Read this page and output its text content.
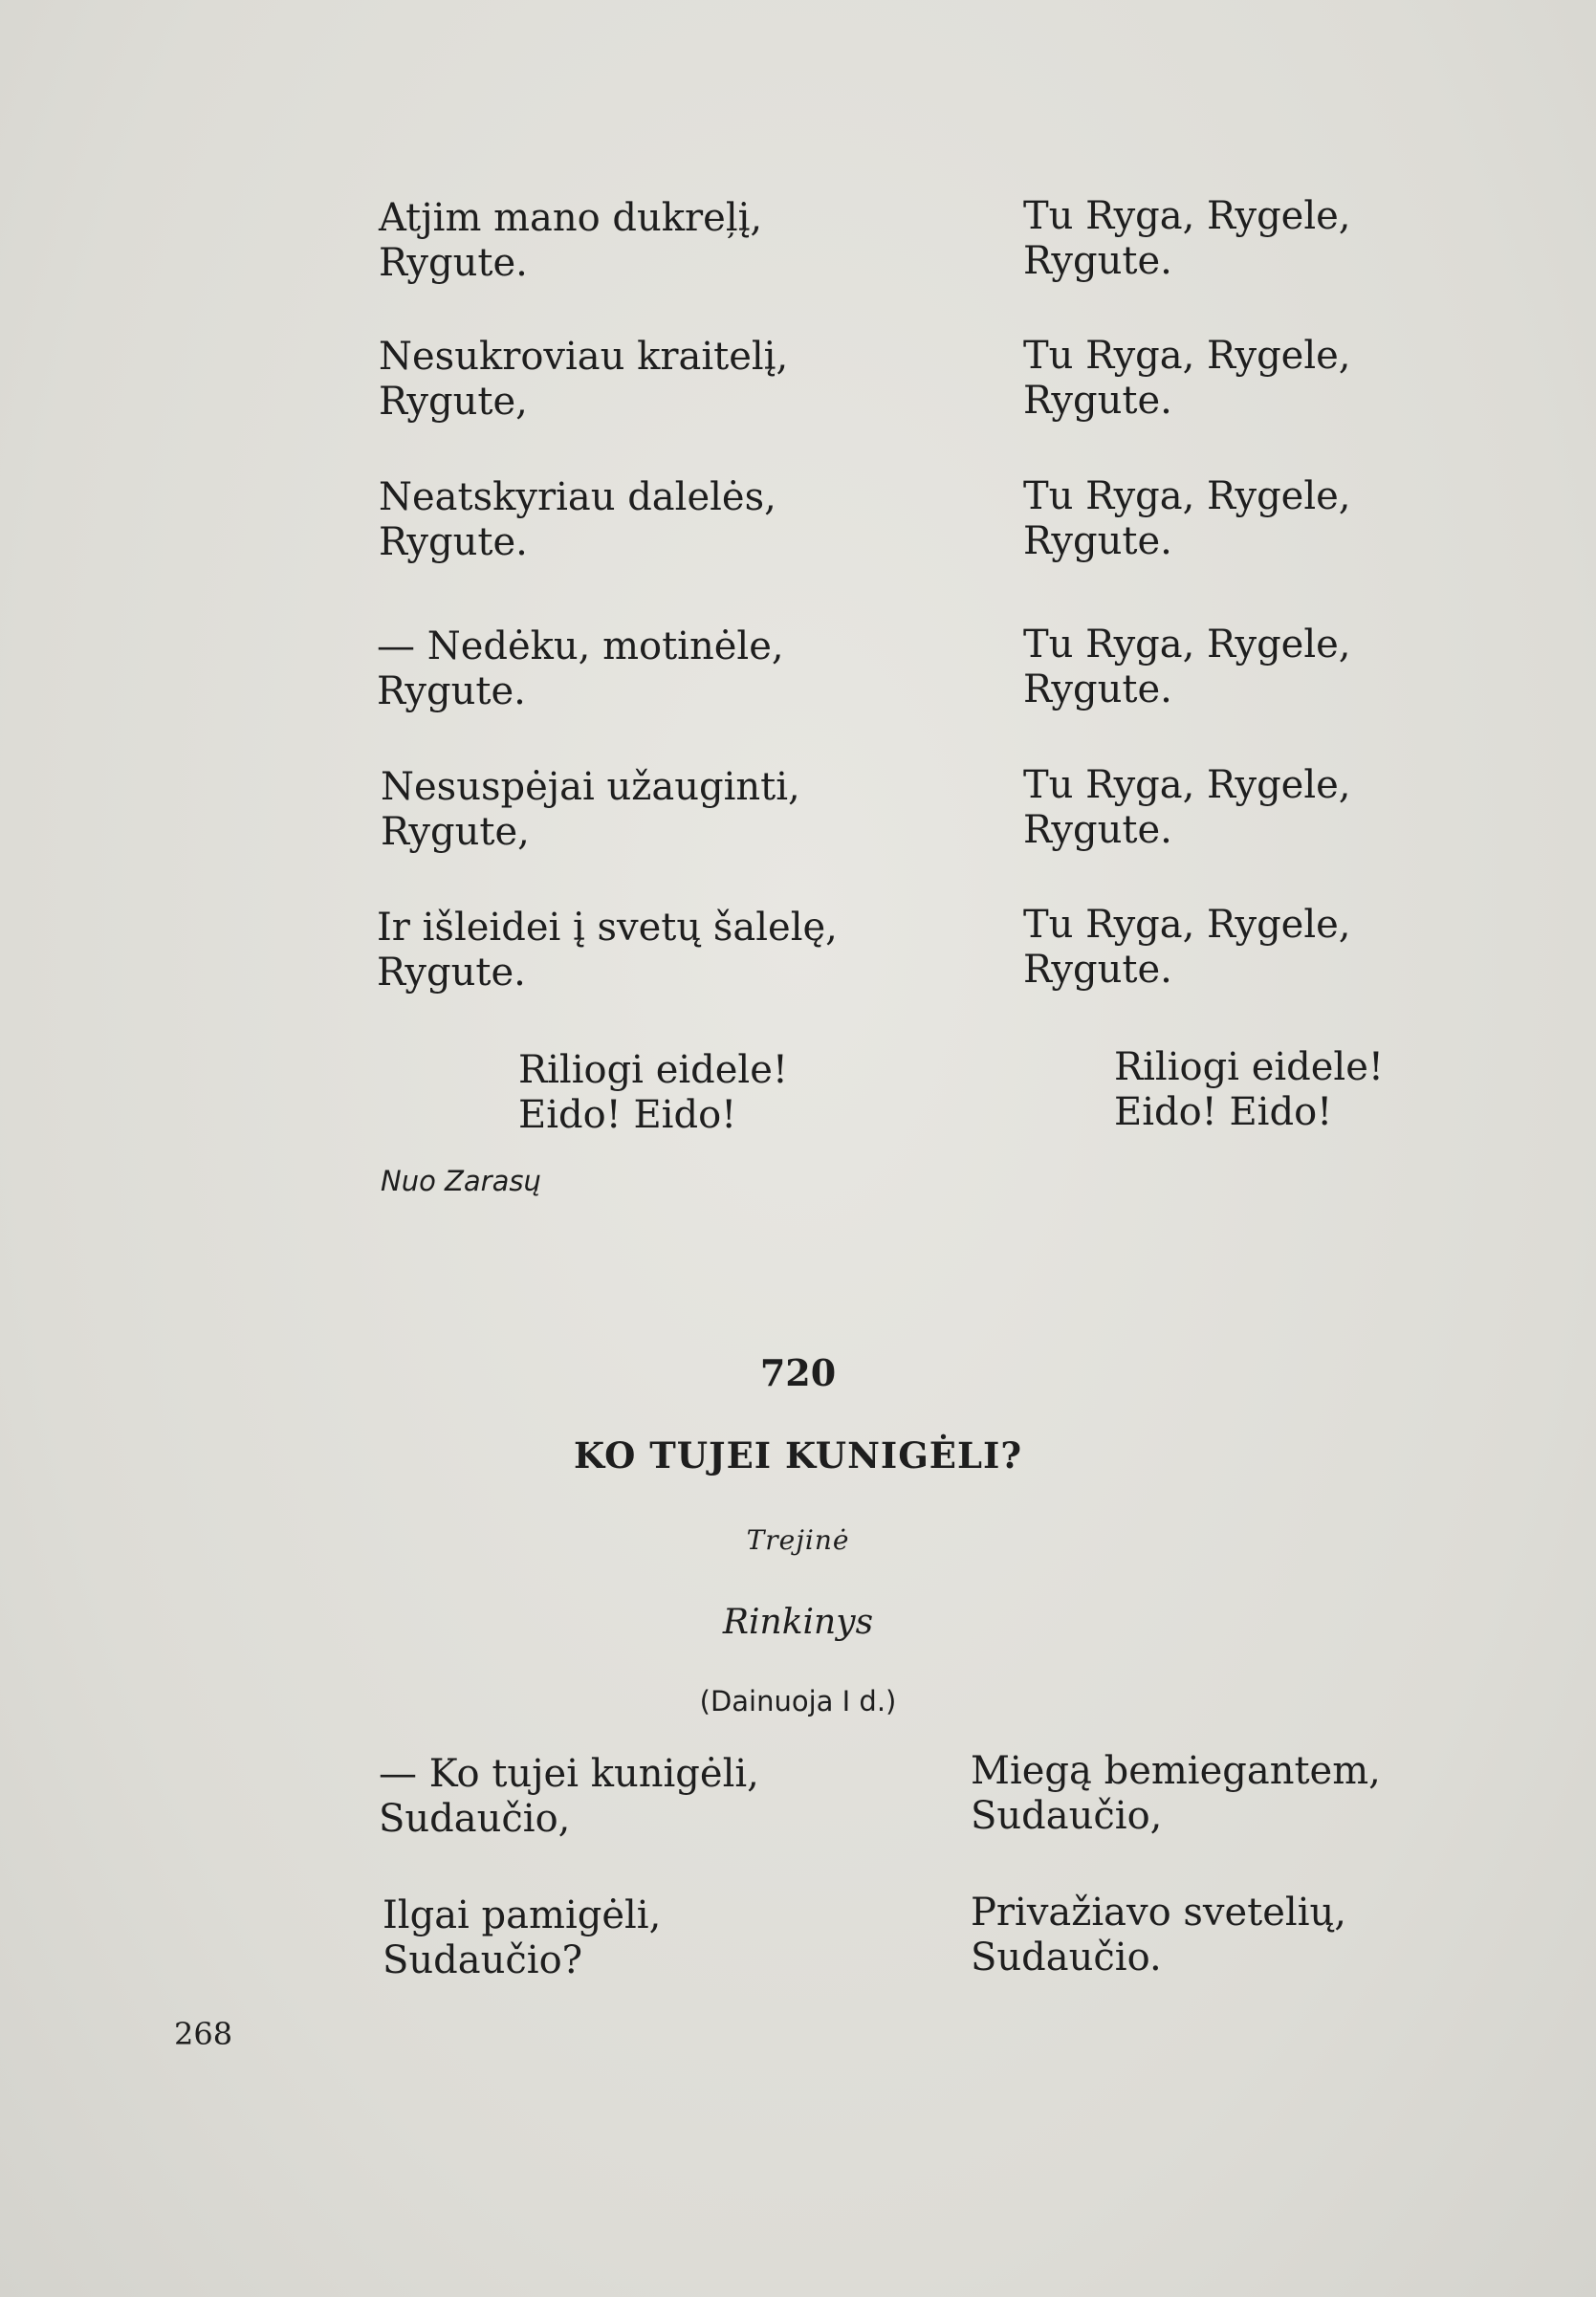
Atjim mano dukreļį,
Rygute.
Nesukroviau kraitelį,
Rygute,
Neatskyriau dalelės,
Rygute.
— Nedėku, motinėle,
Rygute.
Nesuspėjai užauginti,
Rygute,
Ir išleidei į svetų šalelę,
Rygute.
Riliogi eidele!
Eido! Eido!
Tu Ryga, Rygele,
Rygute.
Tu Ryga, Rygele,
Rygute.
Tu Ryga, Rygele,
Rygute.
Tu Ryga, Rygele,
Rygute.
Tu Ryga, Rygele,
Rygute.
Tu Ryga, Rygele,
Rygute.
Riliogi eidele!
Eido! Eido!
Nuo Zarasų
720
KO TUJEI KUNIGĖLI?
Trejinė
Rinkinys
(Dainuoja I d.)
— Ko tujei kunigėli,
Sudaučio,
Ilgai pamigėli,
Sudaučio?
Miegą bemiegantem,
Sudaučio,
Privažiavo svetelių,
Sudaučio.
268
